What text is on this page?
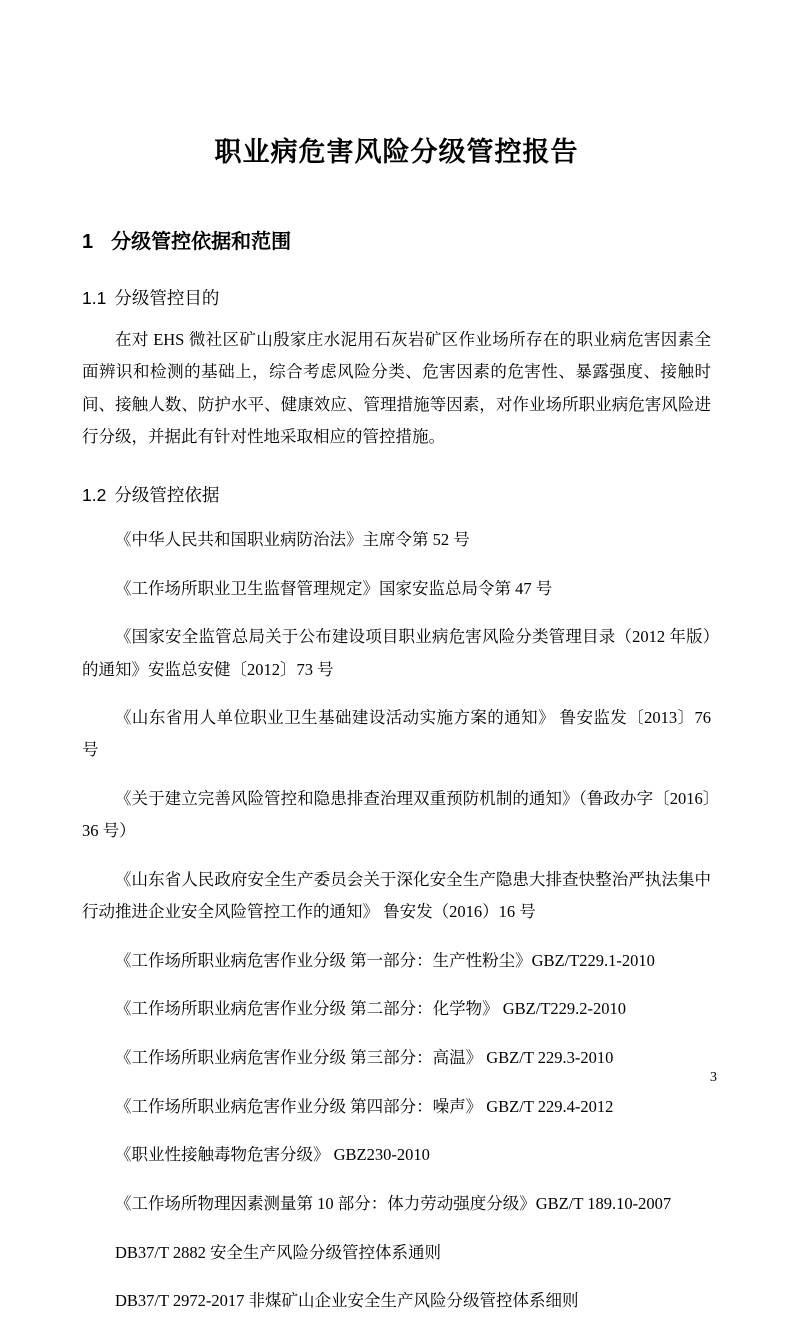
职业病危害风险分级管控报告
1 分级管控依据和范围
1.1 分级管控目的

在对 EHS 微社区矿山殷家庄水泥用石灰岩矿区作业场所存在的职业病危害因素全面辨识和检测的基础上，综合考虑风险分类、危害因素的危害性、暴露强度、接触时间、接触人数、防护水平、健康效应、管理措施等因素，对作业场所职业病危害风险进行分级，并据此有针对性地采取相应的管控措施。

1.2 分级管控依据

《中华人民共和国职业病防治法》主席令第 52 号

《工作场所职业卫生监督管理规定》国家安监总局令第 47 号

《国家安全监管总局关于公布建设项目职业病危害风险分类管理目录（2012 年版）的通知》安监总安健〔2012〕73 号

《山东省用人单位职业卫生基础建设活动实施方案的通知》 鲁安监发〔2013〕76 号

《关于建立完善风险管控和隐患排查治理双重预防机制的通知》（鲁政办字〔2016〕36 号）

《山东省人民政府安全生产委员会关于深化安全生产隐患大排查快整治严执法集中行动推进企业安全风险管控工作的通知》 鲁安发（2016）16 号

《工作场所职业病危害作业分级 第一部分：生产性粉尘》GBZ/T229.1-2010

《工作场所职业病危害作业分级 第二部分：化学物》 GBZ/T229.2-2010

《工作场所职业病危害作业分级 第三部分：高温》 GBZ/T 229.3-2010

《工作场所职业病危害作业分级 第四部分：噪声》 GBZ/T 229.4-2012

《职业性接触毒物危害分级》 GBZ230-2010

《工作场所物理因素测量第 10 部分：体力劳动强度分级》GBZ/T 189.10-2007

DB37/T 2882 安全生产风险分级管控体系通则

DB37/T 2972-2017 非煤矿山企业安全生产风险分级管控体系细则

3
